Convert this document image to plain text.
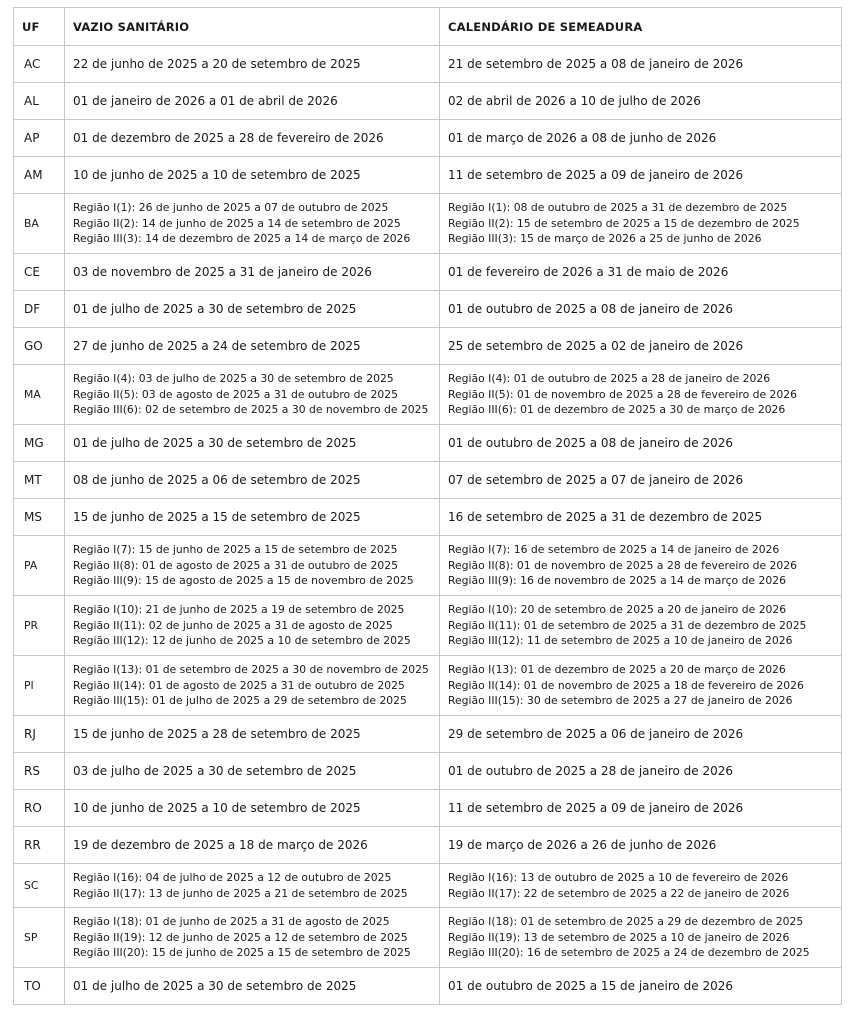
UF	VAZIO SANITÁRIO	CALENDÁRIO DE SEMEADURA
AC	22 de junho de 2025 a 20 de setembro de 2025	21 de setembro de 2025 a 08 de janeiro de 2026

AL	01 de janeiro de 2026 a 01 de abril de 2026	02 de abril de 2026 a 10 de julho de 2026

AP	01 de dezembro de 2025 a 28 de fevereiro de 2026	01 de março de 2026 a 08 de junho de 2026

AM	10 de junho de 2025 a 10 de setembro de 2025	11 de setembro de 2025 a 09 de janeiro de 2026

BA	Região I(1): 26 de junho de 2025 a 07 de outubro de 2025
Região II(2): 14 de junho de 2025 a 14 de setembro de 2025
Região III(3): 14 de dezembro de 2025 a 14 de março de 2026	Região I(1): 08 de outubro de 2025 a 31 de dezembro de 2025
Região II(2): 15 de setembro de 2025 a 15 de dezembro de 2025
Região III(3): 15 de março de 2026 a 25 de junho de 2026

CE	03 de novembro de 2025 a 31 de janeiro de 2026	01 de fevereiro de 2026 a 31 de maio de 2026

DF	01 de julho de 2025 a 30 de setembro de 2025	01 de outubro de 2025 a 08 de janeiro de 2026

GO	27 de junho de 2025 a 24 de setembro de 2025	25 de setembro de 2025 a 02 de janeiro de 2026

MA	Região I(4): 03 de julho de 2025 a 30 de setembro de 2025
Região II(5): 03 de agosto de 2025 a 31 de outubro de 2025
Região III(6): 02 de setembro de 2025 a 30 de novembro de 2025	Região I(4): 01 de outubro de 2025 a 28 de janeiro de 2026
Região II(5): 01 de novembro de 2025 a 28 de fevereiro de 2026
Região III(6): 01 de dezembro de 2025 a 30 de março de 2026

MG	01 de julho de 2025 a 30 de setembro de 2025	01 de outubro de 2025 a 08 de janeiro de 2026

MT	08 de junho de 2025 a 06 de setembro de 2025	07 de setembro de 2025 a 07 de janeiro de 2026

MS	15 de junho de 2025 a 15 de setembro de 2025	16 de setembro de 2025 a 31 de dezembro de 2025

PA	Região I(7): 15 de junho de 2025 a 15 de setembro de 2025
Região II(8): 01 de agosto de 2025 a 31 de outubro de 2025
Região III(9): 15 de agosto de 2025 a 15 de novembro de 2025	Região I(7): 16 de setembro de 2025 a 14 de janeiro de 2026
Região II(8): 01 de novembro de 2025 a 28 de fevereiro de 2026
Região III(9): 16 de novembro de 2025 a 14 de março de 2026

PR	Região I(10): 21 de junho de 2025 a 19 de setembro de 2025
Região II(11): 02 de junho de 2025 a 31 de agosto de 2025
Região III(12): 12 de junho de 2025 a 10 de setembro de 2025	Região I(10): 20 de setembro de 2025 a 20 de janeiro de 2026
Região II(11): 01 de setembro de 2025 a 31 de dezembro de 2025
Região III(12): 11 de setembro de 2025 a 10 de janeiro de 2026

PI	Região I(13): 01 de setembro de 2025 a 30 de novembro de 2025
Região II(14): 01 de agosto de 2025 a 31 de outubro de 2025
Região III(15): 01 de julho de 2025 a 29 de setembro de 2025	Região I(13): 01 de dezembro de 2025 a 20 de março de 2026
Região II(14): 01 de novembro de 2025 a 18 de fevereiro de 2026
Região III(15): 30 de setembro de 2025 a 27 de janeiro de 2026

RJ	15 de junho de 2025 a 28 de setembro de 2025	29 de setembro de 2025 a 06 de janeiro de 2026

RS	03 de julho de 2025 a 30 de setembro de 2025	01 de outubro de 2025 a 28 de janeiro de 2026

RO	10 de junho de 2025 a 10 de setembro de 2025	11 de setembro de 2025 a 09 de janeiro de 2026

RR	19 de dezembro de 2025 a 18 de março de 2026	19 de março de 2026 a 26 de junho de 2026

SC	Região I(16): 04 de julho de 2025 a 12 de outubro de 2025
Região II(17): 13 de junho de 2025 a 21 de setembro de 2025	Região I(16): 13 de outubro de 2025 a 10 de fevereiro de 2026
Região II(17): 22 de setembro de 2025 a 22 de janeiro de 2026

SP	Região I(18): 01 de junho de 2025 a 31 de agosto de 2025
Região II(19): 12 de junho de 2025 a 12 de setembro de 2025
Região III(20): 15 de junho de 2025 a 15 de setembro de 2025	Região I(18): 01 de setembro de 2025 a 29 de dezembro de 2025
Região II(19): 13 de setembro de 2025 a 10 de janeiro de 2026
Região III(20): 16 de setembro de 2025 a 24 de dezembro de 2025

TO	01 de julho de 2025 a 30 de setembro de 2025	01 de outubro de 2025 a 15 de janeiro de 2026
